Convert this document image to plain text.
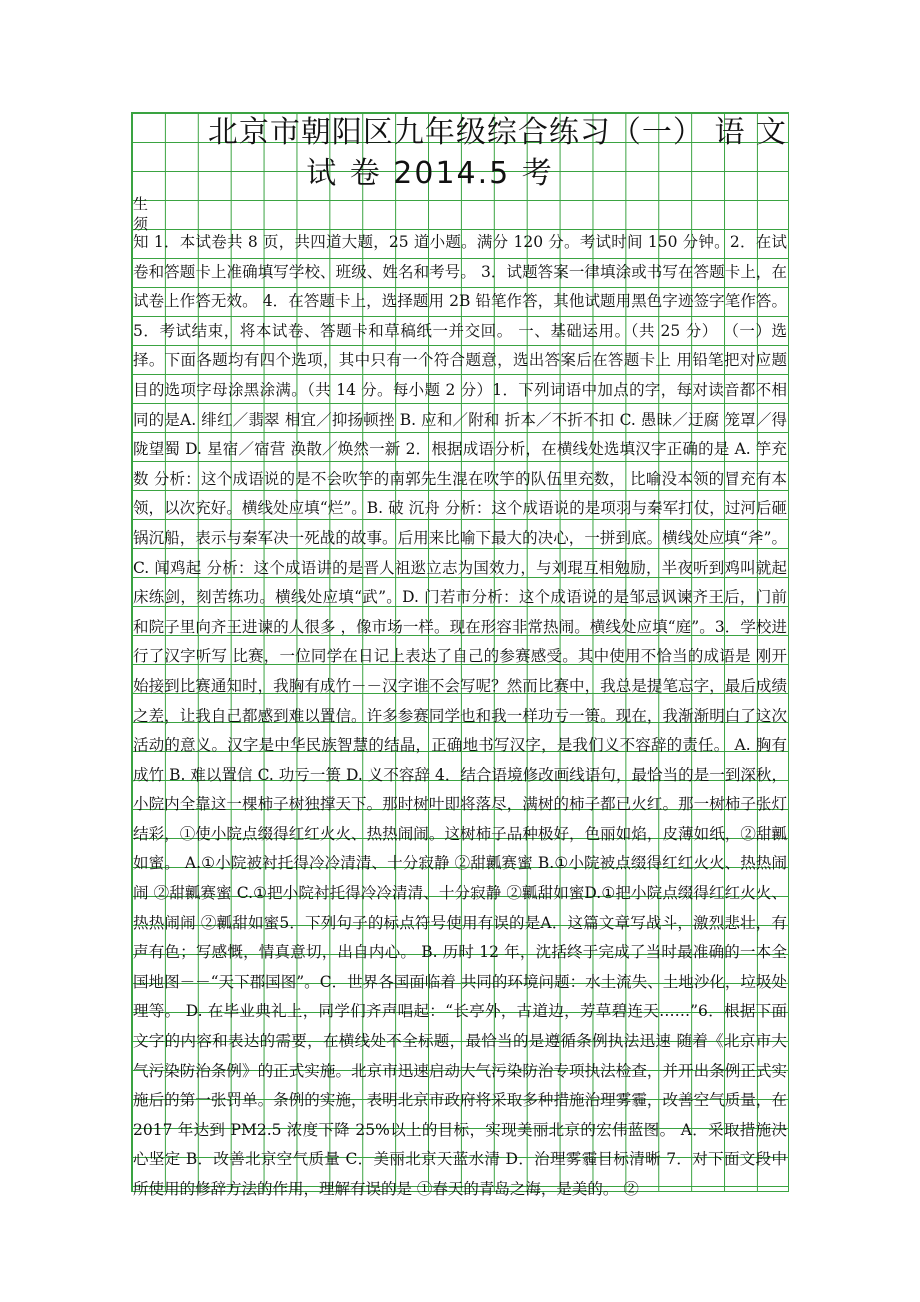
北京市朝阳区九年级综合练习（一） 语 文
试 卷 2014.5 考
生
须
知 1．本试卷共 8 页，共四道大题，25 道小题。满分 120 分。考试时间 150 分钟。2．在试卷和答题卡上准确填写学校、班级、姓名和考号。 3．试题答案一律填涂或书写在答题卡上，在试卷上作答无效。 4．在答题卡上，选择题用 2B 铅笔作答，其他试题用黑色字迹签字笔作答。5．考试结束，将本试卷、答题卡和草稿纸一并交回。 一、基础运用。（共 25 分） （一）选择。下面各题均有四个选项，其中只有一个符合题意，选出答案后在答题卡上 用铅笔把对应题目的选项字母涂黑涂满。（共 14 分。每小题 2 分）1．下列词语中加点的字，每对读音都不相同的是A. 绯红／翡翠 相宜／抑扬顿挫 B. 应和／附和 折本／不折不扣 C. 愚昧／迂腐 笼罩／得陇望蜀 D. 星宿／宿营 涣散／焕然一新 2．根据成语分析，在横线处选填汉字正确的是 A. 竽充数 分析：这个成语说的是不会吹竽的南郭先生混在吹竽的队伍里充数， 比喻没本领的冒充有本领，以次充好。横线处应填“烂”。B. 破 沉舟 分析：这个成语说的是项羽与秦军打仗，过河后砸锅沉船，表示与秦军决一死战的故事。后用来比喻下最大的决心，一拼到底。横线处应填“斧”。C. 闻鸡起 分析：这个成语讲的是晋人祖逖立志为国效力，与刘琨互相勉励，半夜听到鸡叫就起床练剑，刻苦练功。横线处应填“武”。D. 门若市分析：这个成语说的是邹忌讽谏齐王后，门前和院子里向齐王进谏的人很多 ，像市场一样。现在形容非常热闹。横线处应填“庭”。3．学校进行了汉字听写 比赛，一位同学在日记上表达了自己的参赛感受。其中使用不恰当的成语是 刚开始接到比赛通知时，我胸有成竹－－汉字谁不会写呢？然而比赛中，我总是提笔忘字，最后成绩之差，让我自己都感到难以置信。许多参赛同学也和我一样功亏一篑。现在，我渐渐明白了这次活动的意义。汉字是中华民族智慧的结晶，正确地书写汉字，是我们义不容辞的责任。 A. 胸有成竹 B. 难以置信 C. 功亏一篑 D. 义不容辞 4．结合语境修改画线语句，最恰当的是一到深秋，小院内全靠这一棵柿子树独撑天下。那时树叶即将落尽，满树的柿子都已火红。那一树柿子张灯结彩，①使小院点缀得红红火火、热热闹闹。这树柿子品种极好，色丽如焰，皮薄如纸，②甜瓤如蜜。 A.①小院被衬托得冷冷清清、十分寂静 ②甜瓤赛蜜 B.①小院被点缀得红红火火、热热闹闹 ②甜瓤赛蜜 C.①把小院衬托得冷冷清清、十分寂静 ②瓤甜如蜜D.①把小院点缀得红红火火、热热闹闹 ②瓤甜如蜜5．下列句子的标点符号使用有误的是A．这篇文章写战斗，激烈悲壮，有声有色；写感慨，情真意切，出自内心。 B. 历时 12 年，沈括终于完成了当时最准确的一本全国地图－－“天下郡国图”。C．世界各国面临着 共同的环境问题：水土流失、土地沙化，垃圾处理等。 D. 在毕业典礼上，同学们齐声唱起：“长亭外，古道边，芳草碧连天……”6．根据下面文字的内容和表达的需要，在横线处不全标题，最恰当的是遵循条例执法迅速 随着《北京市大气污染防治条例》的正式实施。北京市迅速启动大气污染防治专项执法检查，并开出条例正式实施后的第一张罚单。条例的实施，表明北京市政府将采取多种措施治理雾霾，改善空气质量，在 2017 年达到 PM2.5 浓度下降 25%以上的目标，实现美丽北京的宏伟蓝图。 A．采取措施决心坚定 B．改善北京空气质量 C．美丽北京天蓝水清 D．治理雾霾目标清晰 7．对下面文段中所使用的修辞方法的作用，理解有误的是 ①春天的青岛之海，是美的。 ②
